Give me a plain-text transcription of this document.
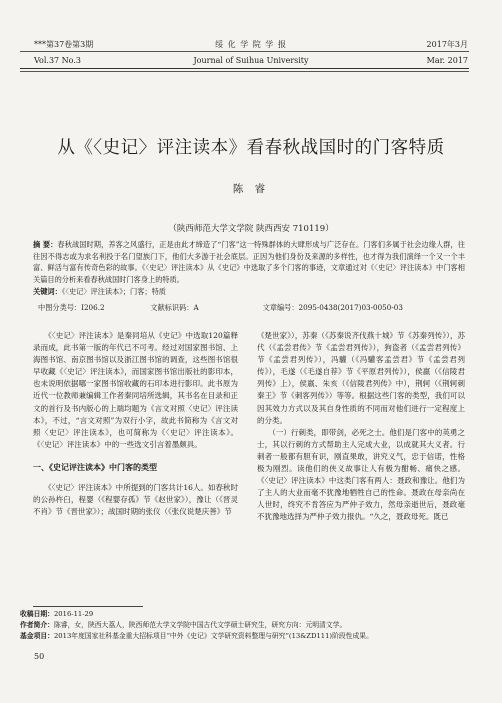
***第37卷第3期
Vol.37 No.3
绥 化 学 院 学 报
Journal of Suihua University
2017年3月
Mar. 2017
从《〈史记〉评注读本》看春秋战国时的门客特质
陈 睿
（陕西师范大学文学院 陕西西安 710119）
摘 要：春秋战国时期，养客之风盛行，正是由此才缔造了“门客”这一特殊群体的大肆形成与广泛存在。门客们多属于社会边缘人群，往往因不得志或为求名利投于名门望族门下，他们大多游于社会底层。正因为他们身份及来源的多样性，也才得为我们演绎一个又一个丰富、鲜活与富有传奇色彩的故事。《〈史记〉评注读本》从《史记》中选取了多个门客的事迹，文章通过对《〈史记〉评注读本》中门客相关篇目的分析来看春秋战国时门客身上的特质。
关键词：《〈史记〉评注读本》；门客；特质
中图分类号：I206.2	文献标识码：A	文章编号：2095-0438(2017)03-0050-03

《〈史记〉评注读本》是秦同培从《史记》中选取120篇释录而成，此书第一版的年代已不可考。经过对国家图书馆、上海图书馆、南京图书馆以及浙江图书馆的调查，这些图书馆很早收藏《〈史记〉评注读本》，而国家图书馆出版社的影印本，也未说明依据哪一家图书馆收藏的石印本进行影印。此书原为近代一位教师兼编辑工作者秦同培所选辑，其书名在目录和正文的首行及书内版心的上端均题为《言文对照〈史记〉评注读本》，不过，“言文对照”为双行小字，故此书简称为《言文对照〈史记〉评注读本》，也可简称为《〈史记〉评注读本》。《〈史记〉评注读本》中的一些选文引言着墨颇具。

一、《史记评注读本》中门客的类型

《〈史记〉评注读本》中所提到的门客共计16人。如春秋时的公孙杵臼，程婴（《程婴存孤》节《赵世家》），豫让（《晋灵不肖》节《晋世家》）；战国时期的张仪（《张仪说楚庆善》节

《楚世家》），苏秦（《苏秦说齐伐燕十城》节《苏秦列传》），苏代（《孟尝君传》节《孟尝君列传》），狗盗者（《孟尝君列传》节《孟尝君列传》），冯驩（《冯驩客孟尝君》节《孟尝君列传》），毛遂（《毛遂自荐》节《平原君列传》），侯嬴（《信陵君列传》上），侯嬴、朱亥（《信陵君列传》中），荆轲（《荆轲刺秦王》节《刺客列传》）等等。根据这些门客的类型，我们可以因其效力方式以及其自身性质的不同而对他们进行一定程度上的分类。

（一）行刺类，即带剑，必死之士。他们是门客中的英勇之士，其以行刺的方式帮助主人完成大业，以成就其大义者。行刺者一般都有胆有识，刚直果敢，讲究义气，忠于信诺，性格极为刚烈。读他们的侠义故事让人有极为酣畅、痛快之感。《〈史记〉评注读本》中这类门客有两人：聂政和豫让。他们为了主人的大业而毫不犹豫地牺牲自己的性命。聂政在母亲尚在人世时，终究不肯答应为严仲子效力，然母亲逝世后，聂政毫不犹豫地选择为严仲子效力报仇。“久之，聂政母死。既已

收稿日期：2016-11-29
作者简介：陈睿，女，陕西大荔人，陕西师范大学文学院中国古代文学硕士研究生，研究方向：元明清文学。
基金项目：2013年度国家社科基金重大招标项目“中外《史记》文学研究资料整理与研究”(13&ZD111)阶段性成果。
50
